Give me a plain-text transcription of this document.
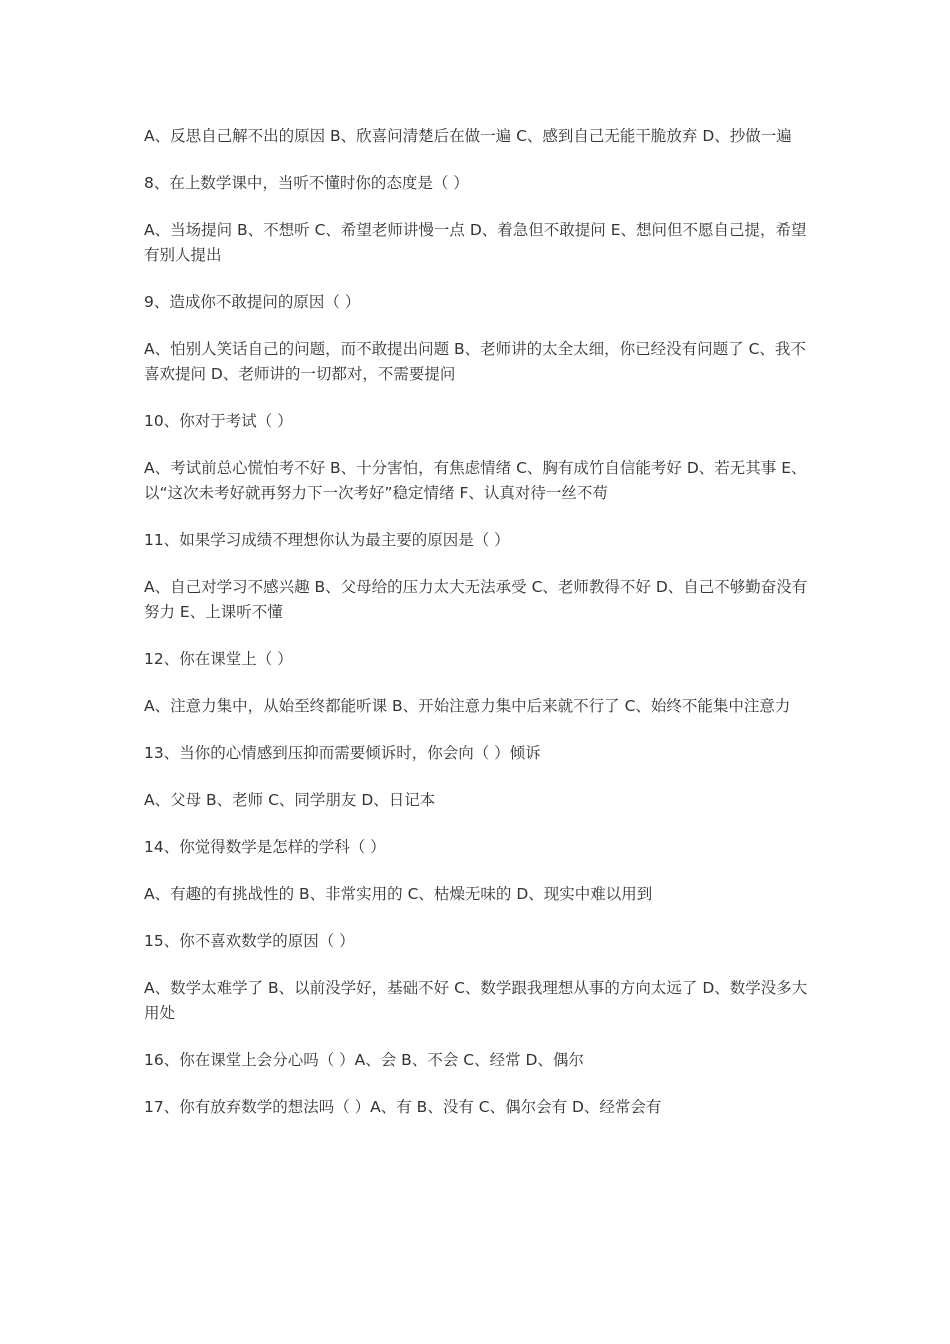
A、反思自己解不出的原因 B、欣喜问清楚后在做一遍 C、感到自己无能干脆放弃 D、抄做一遍

8、在上数学课中，当听不懂时你的态度是（ ）

A、当场提问 B、不想听 C、希望老师讲慢一点 D、着急但不敢提问 E、想问但不愿自己提，希望有别人提出

9、造成你不敢提问的原因（ ）

A、怕别人笑话自己的问题，而不敢提出问题 B、老师讲的太全太细，你已经没有问题了 C、我不喜欢提问 D、老师讲的一切都对，不需要提问

10、你对于考试（ ）

A、考试前总心慌怕考不好 B、十分害怕，有焦虑情绪 C、胸有成竹自信能考好 D、若无其事 E、以“这次未考好就再努力下一次考好”稳定情绪 F、认真对待一丝不苟

11、如果学习成绩不理想你认为最主要的原因是（ ）

A、自己对学习不感兴趣 B、父母给的压力太大无法承受 C、老师教得不好 D、自己不够勤奋没有努力 E、上课听不懂

12、你在课堂上（ ）

A、注意力集中，从始至终都能听课 B、开始注意力集中后来就不行了 C、始终不能集中注意力

13、当你的心情感到压抑而需要倾诉时，你会向（ ）倾诉

A、父母 B、老师 C、同学朋友 D、日记本

14、你觉得数学是怎样的学科（ ）

A、有趣的有挑战性的 B、非常实用的 C、枯燥无味的 D、现实中难以用到

15、你不喜欢数学的原因（ ）

A、数学太难学了 B、以前没学好，基础不好 C、数学跟我理想从事的方向太远了 D、数学没多大用处

16、你在课堂上会分心吗（ ）A、会 B、不会 C、经常 D、偶尔

17、你有放弃数学的想法吗（ ）A、有 B、没有 C、偶尔会有 D、经常会有
